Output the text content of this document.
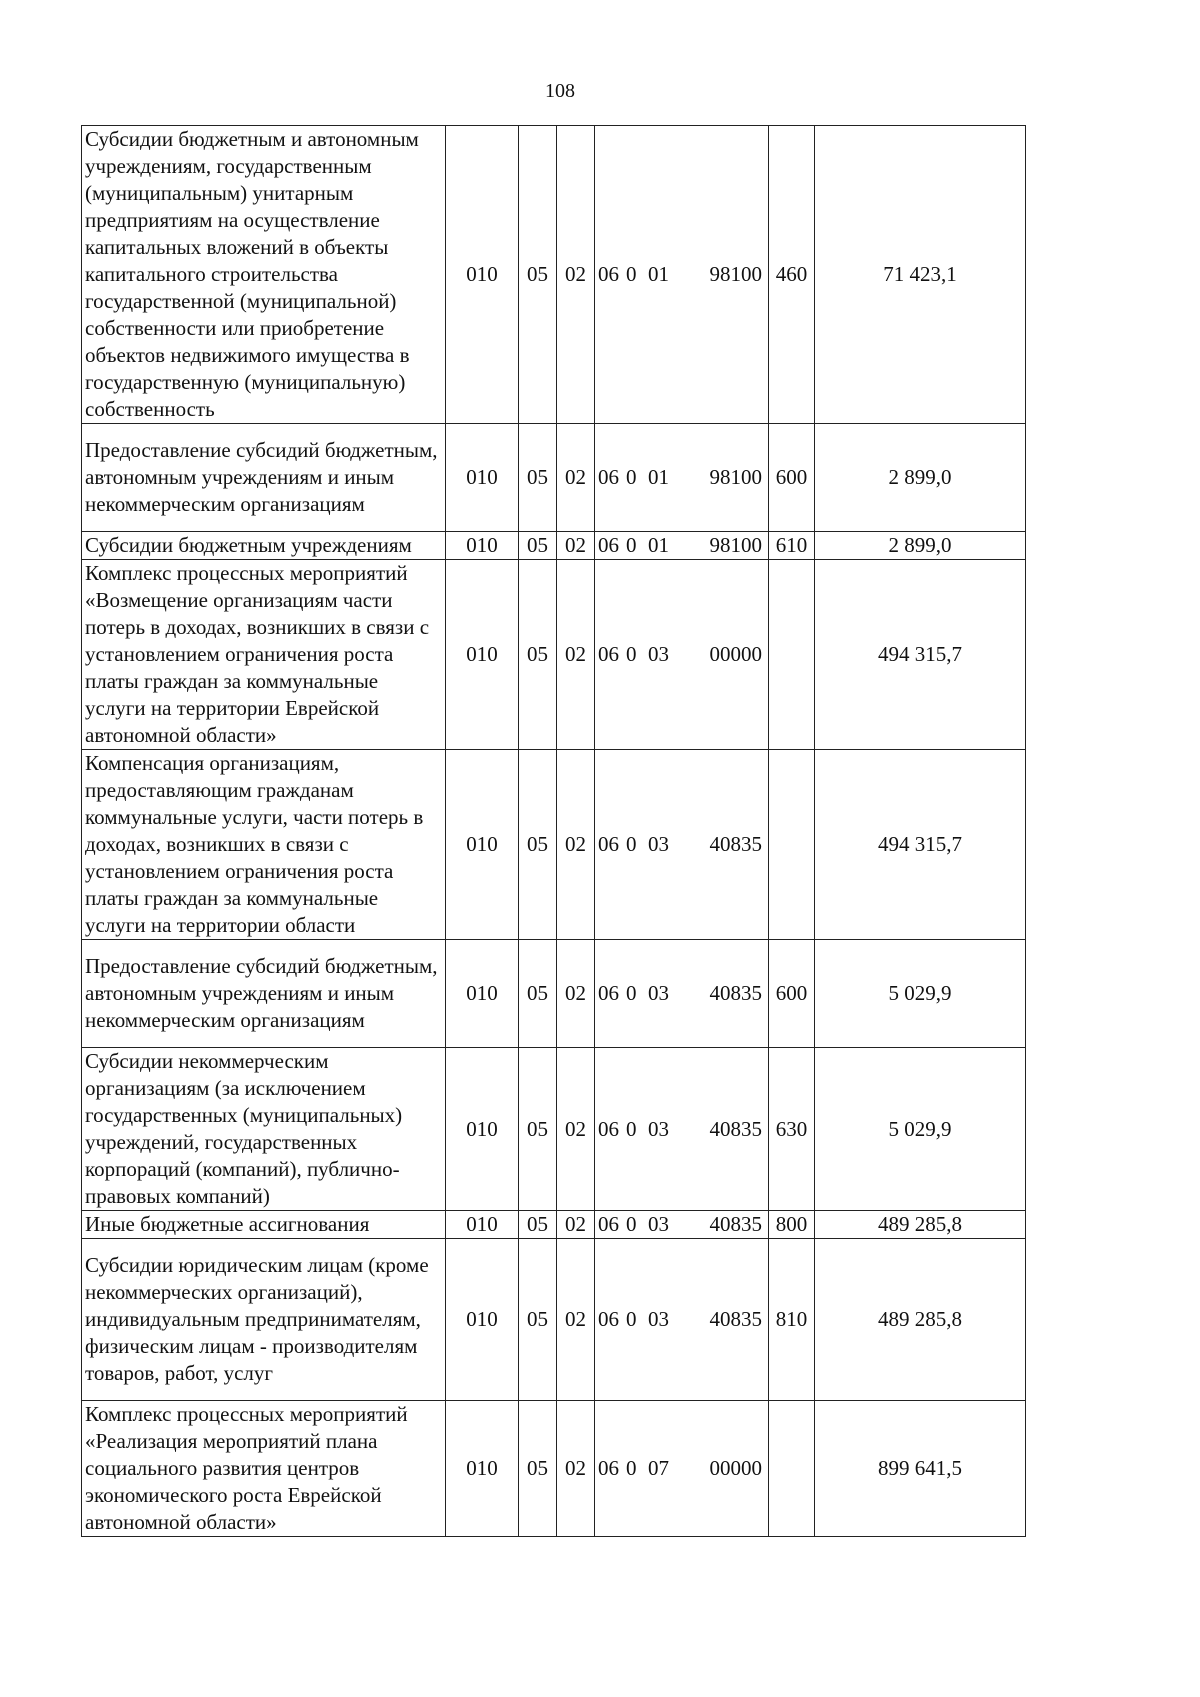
108
Субсидии бюджетным и автономным учреждениям, государственным (муниципальным) унитарным предприятиям на осуществление капитальных вложений в объекты капитального строительства государственной (муниципальной) собственности или приобретение объектов недвижимого имущества в государственную (муниципальную) собственность	010	05	02	06 0 01 98100	460	71 423,1
Предоставление субсидий бюджетным, автономным учреждениям и иным некоммерческим организациям	010	05	02	06 0 01 98100	600	2 899,0
Субсидии бюджетным учреждениям	010	05	02	06 0 01 98100	610	2 899,0
Комплекс процессных мероприятий «Возмещение организациям части потерь в доходах, возникших в связи с установлением ограничения роста платы граждан за коммунальные услуги на территории Еврейской автономной области»	010	05	02	06 0 03 00000		494 315,7
Компенсация организациям, предоставляющим гражданам коммунальные услуги, части потерь в доходах, возникших в связи с установлением ограничения роста платы граждан за коммунальные услуги на территории области	010	05	02	06 0 03 40835		494 315,7
Предоставление субсидий бюджетным, автономным учреждениям и иным некоммерческим организациям	010	05	02	06 0 03 40835	600	5 029,9
Субсидии некоммерческим организациям (за исключением государственных (муниципальных) учреждений, государственных корпораций (компаний), публично-правовых компаний)	010	05	02	06 0 03 40835	630	5 029,9
Иные бюджетные ассигнования	010	05	02	06 0 03 40835	800	489 285,8
Субсидии юридическим лицам (кроме некоммерческих организаций), индивидуальным предпринимателям, физическим лицам - производителям товаров, работ, услуг	010	05	02	06 0 03 40835	810	489 285,8
Комплекс процессных мероприятий «Реализация мероприятий плана социального развития центров экономического роста Еврейской автономной области»	010	05	02	06 0 07 00000		899 641,5
